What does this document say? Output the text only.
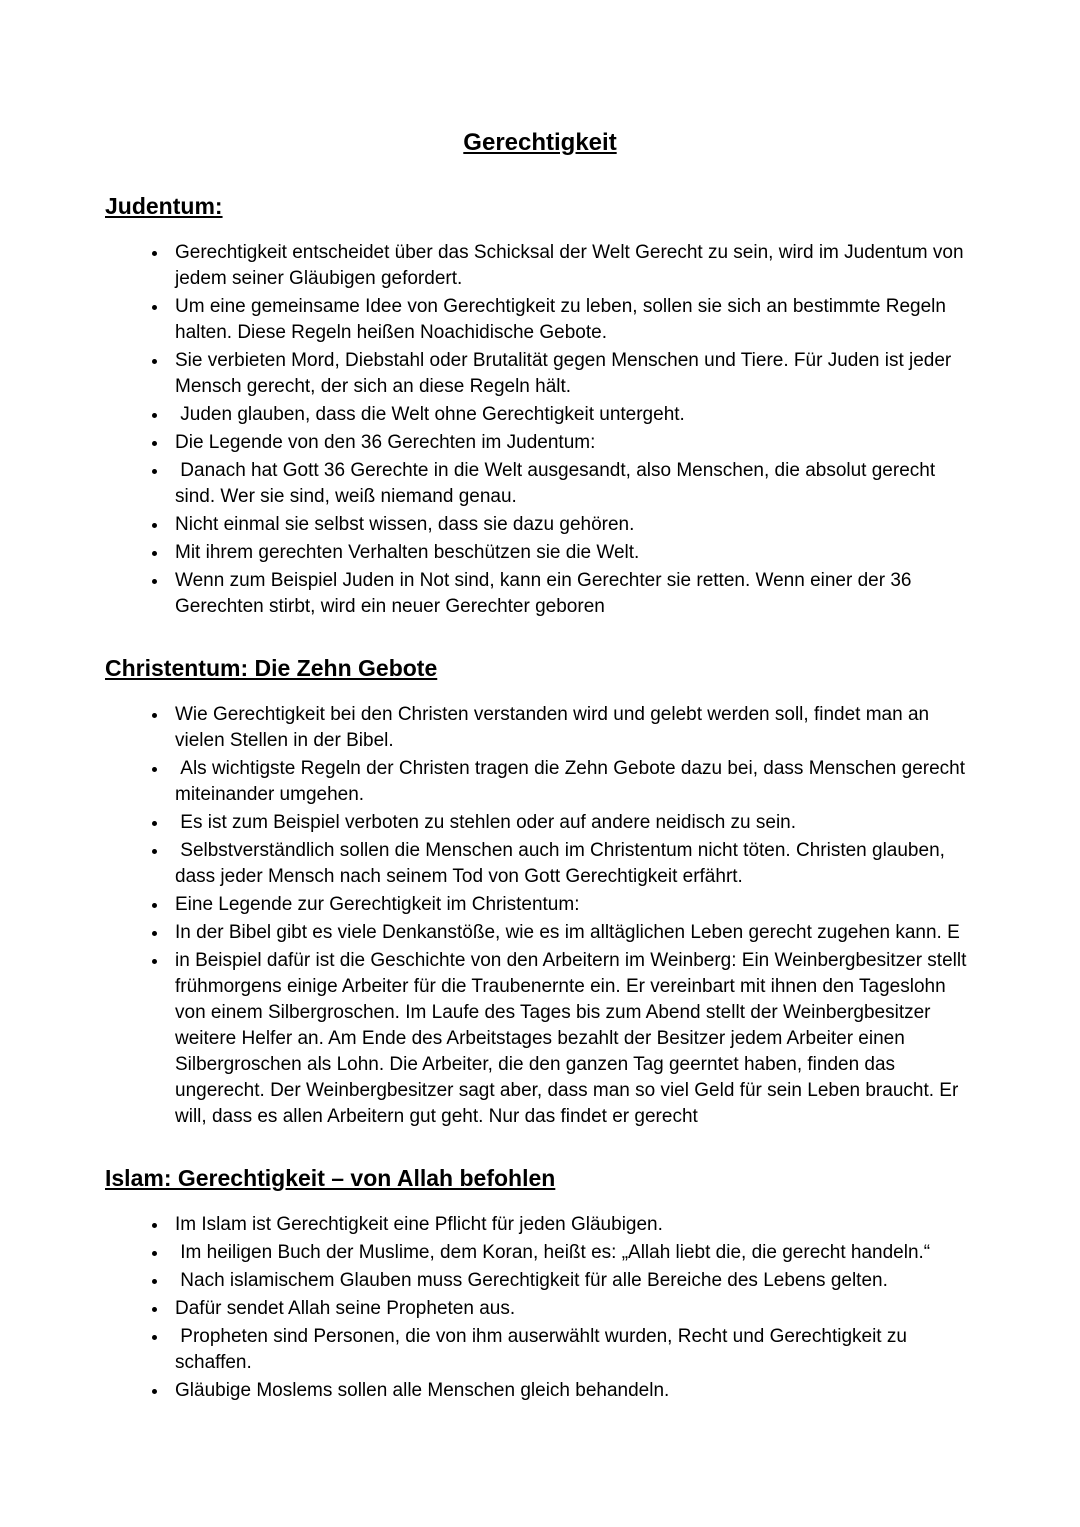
Gerechtigkeit
Judentum:
• Gerechtigkeit entscheidet über das Schicksal der Welt Gerecht zu sein, wird im Judentum von jedem seiner Gläubigen gefordert.
• Um eine gemeinsame Idee von Gerechtigkeit zu leben, sollen sie sich an bestimmte Regeln halten. Diese Regeln heißen Noachidische Gebote.
• Sie verbieten Mord, Diebstahl oder Brutalität gegen Menschen und Tiere. Für Juden ist jeder Mensch gerecht, der sich an diese Regeln hält.
•  Juden glauben, dass die Welt ohne Gerechtigkeit untergeht.
• Die Legende von den 36 Gerechten im Judentum:
•  Danach hat Gott 36 Gerechte in die Welt ausgesandt, also Menschen, die absolut gerecht sind. Wer sie sind, weiß niemand genau.
• Nicht einmal sie selbst wissen, dass sie dazu gehören.
• Mit ihrem gerechten Verhalten beschützen sie die Welt.
• Wenn zum Beispiel Juden in Not sind, kann ein Gerechter sie retten. Wenn einer der 36 Gerechten stirbt, wird ein neuer Gerechter geboren
Christentum: Die Zehn Gebote
• Wie Gerechtigkeit bei den Christen verstanden wird und gelebt werden soll, findet man an vielen Stellen in der Bibel.
•  Als wichtigste Regeln der Christen tragen die Zehn Gebote dazu bei, dass Menschen gerecht miteinander umgehen.
•  Es ist zum Beispiel verboten zu stehlen oder auf andere neidisch zu sein.
•  Selbstverständlich sollen die Menschen auch im Christentum nicht töten. Christen glauben, dass jeder Mensch nach seinem Tod von Gott Gerechtigkeit erfährt.
• Eine Legende zur Gerechtigkeit im Christentum:
• In der Bibel gibt es viele Denkanstöße, wie es im alltäglichen Leben gerecht zugehen kann. E
• in Beispiel dafür ist die Geschichte von den Arbeitern im Weinberg: Ein Weinbergbesitzer stellt frühmorgens einige Arbeiter für die Traubenernte ein. Er vereinbart mit ihnen den Tageslohn von einem Silbergroschen. Im Laufe des Tages bis zum Abend stellt der Weinbergbesitzer weitere Helfer an. Am Ende des Arbeitstages bezahlt der Besitzer jedem Arbeiter einen Silbergroschen als Lohn. Die Arbeiter, die den ganzen Tag geerntet haben, finden das ungerecht. Der Weinbergbesitzer sagt aber, dass man so viel Geld für sein Leben braucht. Er will, dass es allen Arbeitern gut geht. Nur das findet er gerecht
Islam: Gerechtigkeit – von Allah befohlen
• Im Islam ist Gerechtigkeit eine Pflicht für jeden Gläubigen.
•  Im heiligen Buch der Muslime, dem Koran, heißt es: „Allah liebt die, die gerecht handeln.“
•  Nach islamischem Glauben muss Gerechtigkeit für alle Bereiche des Lebens gelten.
• Dafür sendet Allah seine Propheten aus.
•  Propheten sind Personen, die von ihm auserwählt wurden, Recht und Gerechtigkeit zu schaffen.
• Gläubige Moslems sollen alle Menschen gleich behandeln.
